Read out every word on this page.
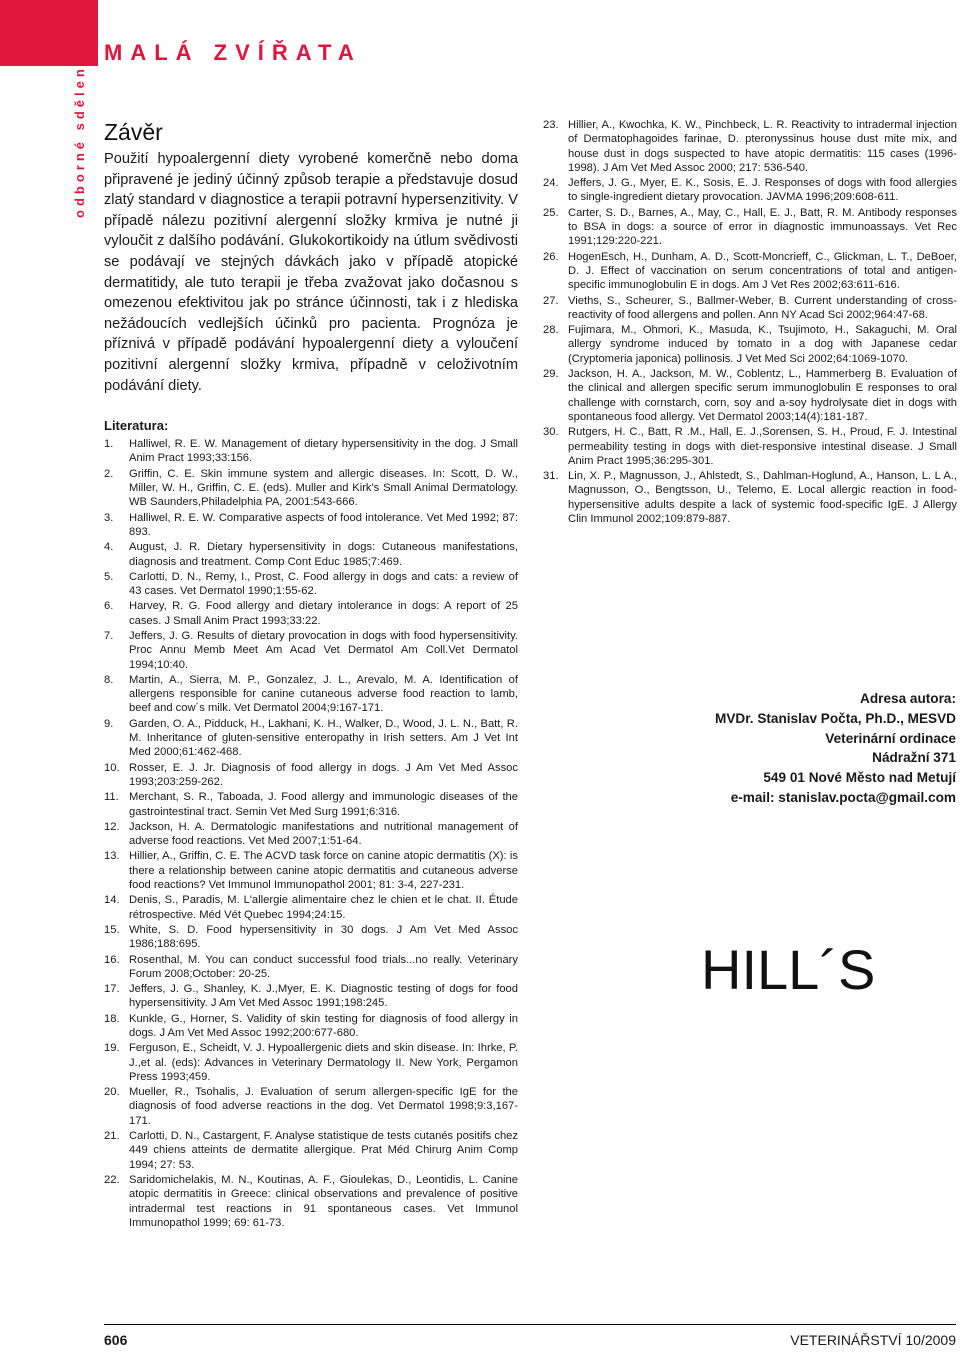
MALÁ ZVÍŘATA
odborné sdělení Závěr

Použití hypoalergenní diety vyrobené komerčně nebo doma připravené je jediný účinný způsob terapie a představuje dosud zlatý standard v diagnostice a terapii potravní hypersenzitivity. V případě nálezu pozitivní alergenní složky krmiva je nutné ji vyloučit z dalšího podávání. Glukokortikoidy na útlum svědivosti se podávají ve stejných dávkách jako v případě atopické dermatitidy, ale tuto terapii je třeba zvažovat jako dočasnou s omezenou efektivitou jak po stránce účinnosti, tak i z hlediska nežádoucích vedlejších účinků pro pacienta. Prognóza je příznivá v případě podávání hypoalergenní diety a vyloučení pozitivní alergenní složky krmiva, případně v celoživotním podávání diety.

Literatura:
1.	Halliwel, R. E. W. Management of dietary hypersensitivity in the dog. J Small Anim Pract 1993;33:156.
2.	Griffin, C. E. Skin immune system and allergic diseases. In: Scott, D. W., Miller, W. H., Griffin, C. E. (eds). Muller and Kirk's Small Animal Dermatology. WB Saunders,Philadelphia PA, 2001:543-666.
3.	Halliwel, R. E. W. Comparative aspects of food intolerance. Vet Med 1992; 87: 893.
4.	August, J. R. Dietary hypersensitivity in dogs: Cutaneous manifestations, diagnosis and treatment. Comp Cont Educ 1985;7:469.
5.	Carlotti, D. N., Remy, I., Prost, C. Food allergy in dogs and cats: a review of 43 cases. Vet Dermatol 1990;1:55-62.
6.	Harvey, R. G. Food allergy and dietary intolerance in dogs: A report of 25 cases. J Small Anim Pract 1993;33:22.
7.	Jeffers, J. G. Results of dietary provocation in dogs with food hypersensitivity. Proc Annu Memb Meet Am Acad Vet Dermatol Am Coll.Vet Dermatol 1994;10:40.
8.	Martin, A., Sierra, M. P., Gonzalez, J. L., Arevalo, M. A. Identification of allergens responsible for canine cutaneous adverse food reaction to lamb, beef and cow´s milk. Vet Dermatol 2004;9:167-171.
9.	Garden, O. A., Pidduck, H., Lakhani, K. H., Walker, D., Wood, J. L. N., Batt, R. M. Inheritance of gluten-sensitive enteropathy in Irish setters. Am J Vet Int Med 2000;61:462-468.
10. Rosser, E. J. Jr. Diagnosis of food allergy in dogs. J Am Vet Med Assoc 1993;203:259-262.
11. Merchant, S. R., Taboada, J. Food allergy and immunologic diseases of the gastrointestinal tract. Semin Vet Med Surg 1991;6:316.
12. Jackson, H. A. Dermatologic manifestations and nutritional management of adverse food reactions. Vet Med 2007;1:51-64.
13. Hillier, A., Griffin, C. E. The ACVD task force on canine atopic dermatitis (X): is there a relationship between canine atopic dermatitis and cutaneous adverse food reactions? Vet Immunol Immunopathol 2001; 81: 3-4, 227-231.
14. Denis, S., Paradis, M. L'allergie alimentaire chez le chien et le chat. II. Étude rétrospective. Méd Vét Quebec 1994;24:15.
15. White, S. D. Food hypersensitivity in 30 dogs. J Am Vet Med Assoc 1986;188:695.
16. Rosenthal, M. You can conduct successful food trials...no really. Veterinary Forum 2008;October: 20-25.
17. Jeffers, J. G., Shanley, K. J.,Myer, E. K. Diagnostic testing of dogs for food hypersensitivity. J Am Vet Med Assoc 1991;198:245.
18. Kunkle, G., Horner, S. Validity of skin testing for diagnosis of food allergy in dogs. J Am Vet Med Assoc 1992;200:677-680.
19. Ferguson, E., Scheidt, V. J. Hypoallergenic diets and skin disease. In: Ihrke, P. J.,et al. (eds): Advances in Veterinary Dermatology II. New York, Pergamon Press 1993;459.
20. Mueller, R., Tsohalis, J. Evaluation of serum allergen-specific IgE for the diagnosis of food adverse reactions in the dog. Vet Dermatol 1998;9:3,167-171.
21. Carlotti, D. N., Castargent, F. Analyse statistique de tests cutanés positifs chez 449 chiens atteints de dermatite allergique. Prat Méd Chirurg Anim Comp 1994; 27: 53.
22. Saridomichelakis, M. N., Koutinas, A. F., Gioulekas, D., Leontidis, L. Canine atopic dermatitis in Greece: clinical observations and prevalence of positive intradermal test reactions in 91 spontaneous cases. Vet Immunol Immunopathol 1999; 69: 61-73.
23. Hillier, A., Kwochka, K. W., Pinchbeck, L. R. Reactivity to intradermal injection of Dermatophagoides farinae, D. pteronyssinus house dust mite mix, and house dust in dogs suspected to have atopic dermatitis: 115 cases (1996-1998). J Am Vet Med Assoc 2000; 217: 536-540.
24. Jeffers, J. G., Myer, E. K., Sosis, E. J. Responses of dogs with food allergies to single-ingredient dietary provocation. JAVMA 1996;209:608-611.
25. Carter, S. D., Barnes, A., May, C., Hall, E. J., Batt, R. M. Antibody responses to BSA in dogs: a source of error in diagnostic immunoassays. Vet Rec 1991;129:220-221.
26. HogenEsch, H., Dunham, A. D., Scott-Moncrieff, C., Glickman, L. T., DeBoer, D. J. Effect of vaccination on serum concentrations of total and antigen-specific immunoglobulin E in dogs. Am J Vet Res 2002;63:611-616.
27. Vieths, S., Scheurer, S., Ballmer-Weber, B. Current understanding of cross-reactivity of food allergens and pollen. Ann NY Acad Sci 2002;964:47-68.
28. Fujimara, M., Ohmori, K., Masuda, K., Tsujimoto, H., Sakaguchi, M. Oral allergy syndrome induced by tomato in a dog with Japanese cedar (Cryptomeria japonica) pollinosis. J Vet Med Sci 2002;64:1069-1070.
29. Jackson, H. A., Jackson, M. W., Coblentz, L., Hammerberg B. Evaluation of the clinical and allergen specific serum immunoglobulin E responses to oral challenge with cornstarch, corn, soy and a-soy hydrolysate diet in dogs with spontaneous food allergy. Vet Dermatol 2003;14(4):181-187.
30. Rutgers, H. C., Batt, R .M., Hall, E. J.,Sorensen, S. H., Proud, F. J. Intestinal permeability testing in dogs with diet-responsive intestinal disease. J Small Anim Pract 1995;36:295-301.
31. Lin, X. P., Magnusson, J., Ahlstedt, S., Dahlman-Hoglund, A., Hanson, L. L A., Magnusson, O., Bengtsson, U., Telemo, E. Local allergic reaction in food-hypersensitive adults despite a lack of systemic food-specific IgE. J Allergy Clin Immunol 2002;109:879-887.
Adresa autora:
MVDr. Stanislav Počta, Ph.D., MESVD
Veterinární ordinace
Nádražní 371
549 01 Nové Město nad Metují
e-mail: stanislav.pocta@gmail.com
HILL´S
606	VETERINÁŘSTVÍ 10/2009
